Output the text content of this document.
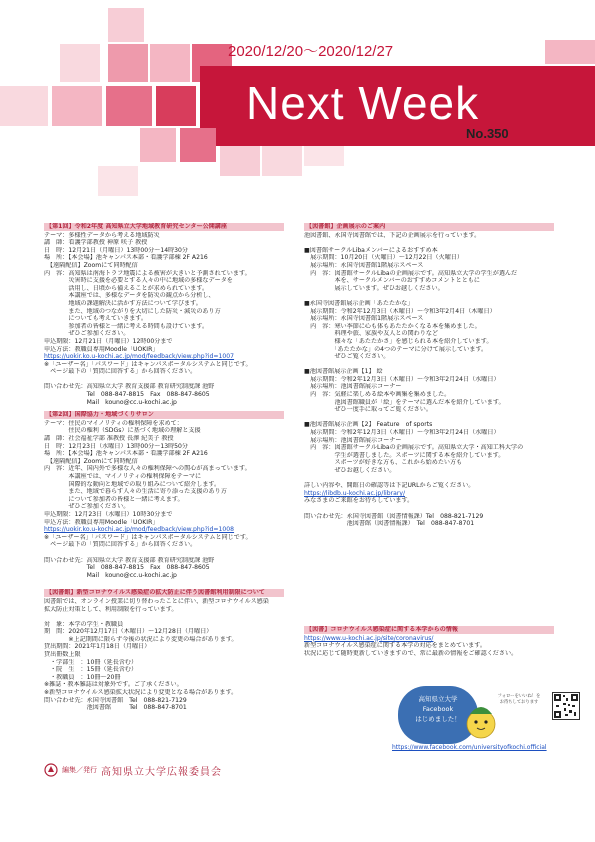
2020/12/20～2020/12/27
Next Week
No.350
【第1回】令和2年度 高知県立大学地域教育研究センター公開講座
テーマ：多様性データから考える地域防災
講　師：看護学部教授 神原 咲子 教授
日　時：12月21日（月曜日）13時00分～14時30分
場　所：【本会場】池キャンパス本部・看護学部棟 2F A216
　【遠隔配信】Zoomにて同時配信
内　容：高知県は南海トラフ地震による被害が大きいと予測されています。
　　　　災害時に支援を必要とする人々の中に地域の多様なデータを
　　　　活用し、日頃から備えることが求められています。
　　　　本講座では、多様なデータを防災の観点から分析し、
　　　　地域の課題解決に活かす方法について学びます。
　　　　また、地域のつながりを大切にした防災・減災のあり方
　　　　についても考えていきます。
　　　　参加者の皆様と一緒に考える時間も設けています。
　　　　ぜひご参加ください。
申込期限：12月21日（月曜日）12時00分まで
申込方法：教職員専用Moodle「UOKIR」
https://uokir.ko.u-kochi.ac.jp/mod/feedback/view.php?id=1007
※「ユーザー名」「パスワード」はキャンパスポータルシステムと同じです。
　ページ最下の「質問に回答する」から回答ください。

問い合わせ先：高知県立大学 教育支援部 教育研究制度課 池野
　　　　　　　Tel　088-847-8815　Fax　088-847-8605
　　　　　　　Mail　kouno@cc.u-kochi.ac.jp
【第2回】国際協力・地域づくりサロン
テーマ：住民のマイノリティの権利保障を求めて：
　　　　住民の権利（SDGs）に基づく地域の理解と支援
講　師：社会福祉学部 准教授 長澤 紀美子 教授
日　時：12月23日（水曜日）13時00分～13時50分
場　所：【本会場】池キャンパス本部・看護学部棟 2F A216
　【遠隔配信】Zoomにて同時配信
内　容：近年、国内外で多様な人々の権利保障への関心が高まっています。
　　　　本講座では、マイノリティの権利保障をテーマに
　　　　国際的な動向と地域での取り組みについて紹介します。
　　　　また、地域で暮らす人々の生活に寄り添った支援のあり方
　　　　について参加者の皆様と一緒に考えます。
　　　　ぜひご参加ください。
申込期限：12月23日（水曜日）10時30分まで
申込方法：教職員専用Moodle「UOKIR」
https://uokir.ko.u-kochi.ac.jp/mod/feedback/view.php?id=1008
※「ユーザー名」「パスワード」はキャンパスポータルシステムと同じです。
　ページ最下の「質問に回答する」から回答ください。

問い合わせ先：高知県立大学 教育支援部 教育研究制度課 池野
　　　　　　　Tel　088-847-8815　Fax　088-847-8605
　　　　　　　Mail　kouno@cc.u-kochi.ac.jp
【図書館】新型コロナウイルス感染症の拡大防止に伴う図書館利用制限について
図書館では、オンライン授業に切り替わったことに伴い、新型コロナウイルス感染
拡大防止対策として、利用制限を行っています。

対　象：本学の学生・教職員
期　間：2020年12月17日（木曜日）～12月28日（月曜日）
　　　　※上記期間に限らず今後の状況により変更の場合があります。
貸出期間：2021年1月18日（月曜日）
貸出冊数上限
　・学部生　：10冊（延長含む）
　・院　生　：15冊（延長含む）
　・教職員　：10冊～20冊
※雑誌・教本雑誌は対象外です。ご了承ください。
※新型コロナウイルス感染拡大状況により変更となる場合があります。
問い合わせ先：永国寺図書館　Tel　088-821-7129
　　　　　　　池図書館　　　Tel　088-847-8701
【図書館】企画展示のご案内
池図書館、永国寺図書館では、下記の企画展示を行っています。

■図書館サークルLibaメンバーによるおすすめ本
　展示期間：10月20日（火曜日）～12月22日（火曜日）
　展示場所：永国寺図書館1階展示スペース
　内　容：図書館サークルLibaの企画展示です。高知県立大学の学生が選んだ
　　　　　本を、サークルメンバーのおすすめコメントとともに
　　　　　展示しています。ぜひお越しください。

■永国寺図書館展示企画「あたたかな」
　展示期間：令和2年12月3日（木曜日）～令和3年2月4日（木曜日）
　展示場所：永国寺図書館1階展示スペース
　内　容：寒い季節に心も体もあたたかくなる本を集めました。
　　　　　料理や旅、家族や友人との関わりなど
　　　　　様々な「あたたかさ」を感じられる本を紹介しています。
　　　　　「あたたかな」の4つのテーマに分けて展示しています。
　　　　　ぜひご覧ください。

■池図書館展示企画【1】 絵
　展示期間：令和2年12月3日（木曜日）～令和3年2月24日（水曜日）
　展示場所：池図書館展示コーナー
　内　容：気軽に楽しめる絵本や画集を集めました。
　　　　　池図書館職員が「絵」をテーマに選んだ本を紹介しています。
　　　　　ぜひ一度手に取ってご覧ください。

■池図書館展示企画【2】 Feature　of sports
　展示期間：令和2年12月3日（木曜日）～令和3年2月24日（水曜日）
　展示場所：池図書館展示コーナー
　内　容：図書館サークルLibaの企画展示です。高知県立大学・高知工科大学の
　　　　　学生が選書しました。スポーツに関する本を紹介しています。
　　　　　スポーツが好きな方も、これから始めたい方も
　　　　　ぜひお越しください。

詳しい内容や、開館日の確認等は下記URLからご覧ください。
https://libdb.u-kochi.ac.jp/library/
みなさまのご来館をお待ちしています。

問い合わせ先：永国寺図書館（図書情報課）Tel　088-821-7129
　　　　　　　池図書館（図書情報課）　Tel　088-847-8701
【図書】コロナウイルス感染症に関する本学からの情報
https://www.u-kochi.ac.jp/site/coronavirus/
新型コロナウイルス感染症に関する本学の対応をまとめています。
状況に応じて随時更新していきますので、常に最新の情報をご確認ください。
高知県立大学
Facebook
はじめました！
フォローをいいね！を
お待ちしております
https://www.facebook.com/universityofkochi.official
編集／発行 高知県立大学広報委員会
